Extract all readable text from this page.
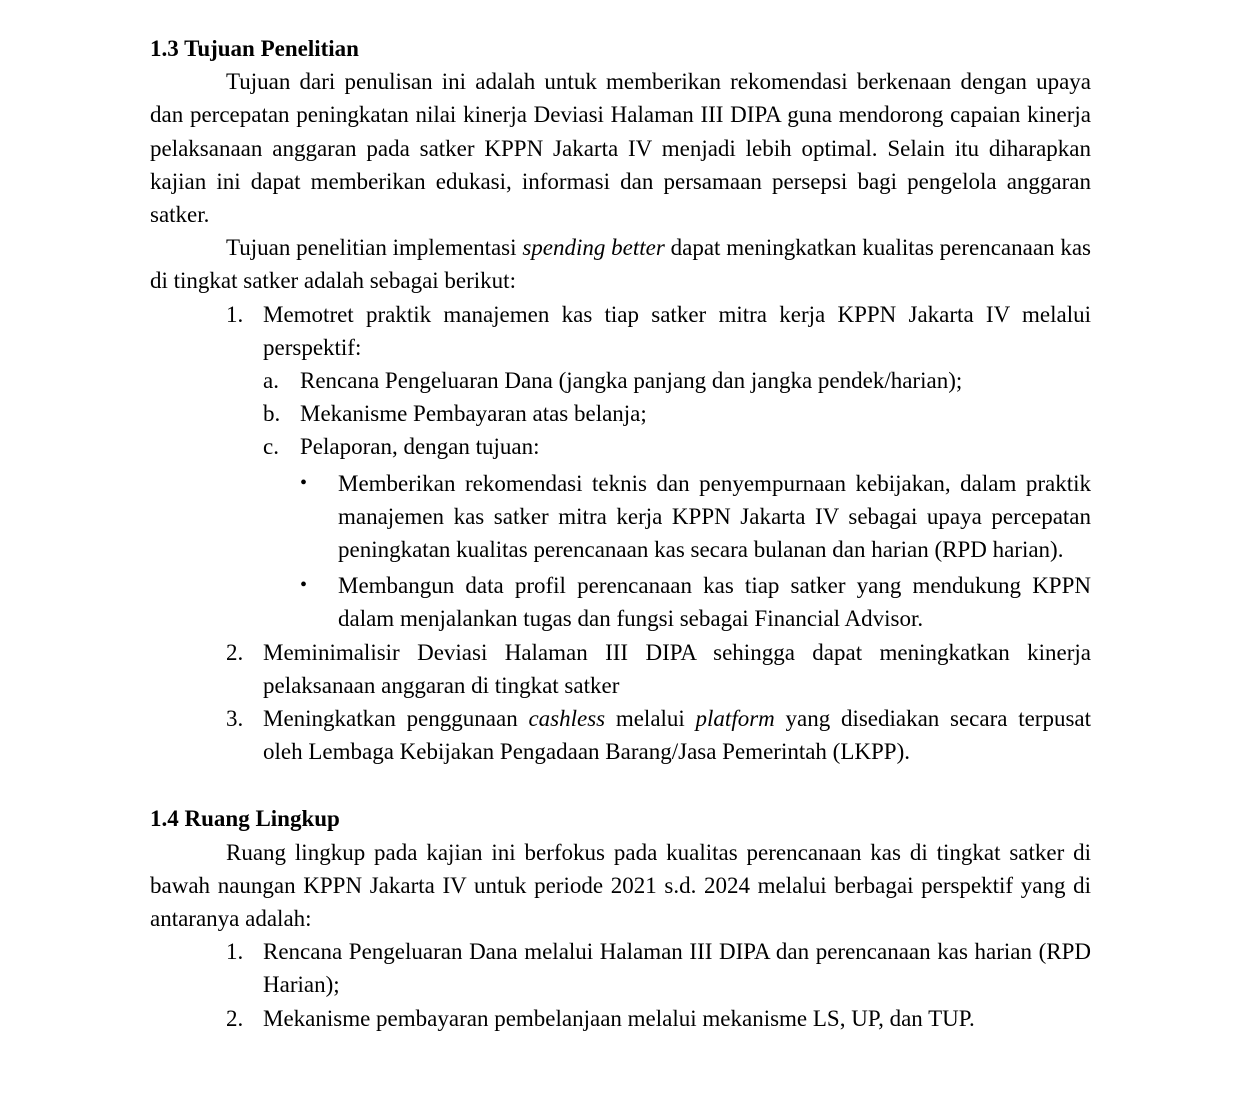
1.3 Tujuan Penelitian

Tujuan dari penulisan ini adalah untuk memberikan rekomendasi berkenaan dengan upaya dan percepatan peningkatan nilai kinerja Deviasi Halaman III DIPA guna mendorong capaian kinerja pelaksanaan anggaran pada satker KPPN Jakarta IV menjadi lebih optimal. Selain itu diharapkan kajian ini dapat memberikan edukasi, informasi dan persamaan persepsi bagi pengelola anggaran satker.

Tujuan penelitian implementasi spending better dapat meningkatkan kualitas perencanaan kas di tingkat satker adalah sebagai berikut:

1. Memotret praktik manajemen kas tiap satker mitra kerja KPPN Jakarta IV melalui perspektif:
a. Rencana Pengeluaran Dana (jangka panjang dan jangka pendek/harian);
b. Mekanisme Pembayaran atas belanja;
c. Pelaporan, dengan tujuan:
• Memberikan rekomendasi teknis dan penyempurnaan kebijakan, dalam praktik manajemen kas satker mitra kerja KPPN Jakarta IV sebagai upaya percepatan peningkatan kualitas perencanaan kas secara bulanan dan harian (RPD harian).
• Membangun data profil perencanaan kas tiap satker yang mendukung KPPN dalam menjalankan tugas dan fungsi sebagai Financial Advisor.
2. Meminimalisir Deviasi Halaman III DIPA sehingga dapat meningkatkan kinerja pelaksanaan anggaran di tingkat satker
3. Meningkatkan penggunaan cashless melalui platform yang disediakan secara terpusat oleh Lembaga Kebijakan Pengadaan Barang/Jasa Pemerintah (LKPP).
1.4 Ruang Lingkup

Ruang lingkup pada kajian ini berfokus pada kualitas perencanaan kas di tingkat satker di bawah naungan KPPN Jakarta IV untuk periode 2021 s.d. 2024 melalui berbagai perspektif yang di antaranya adalah:

1. Rencana Pengeluaran Dana melalui Halaman III DIPA dan perencanaan kas harian (RPD Harian);
2. Mekanisme pembayaran pembelanjaan melalui mekanisme LS, UP, dan TUP.
